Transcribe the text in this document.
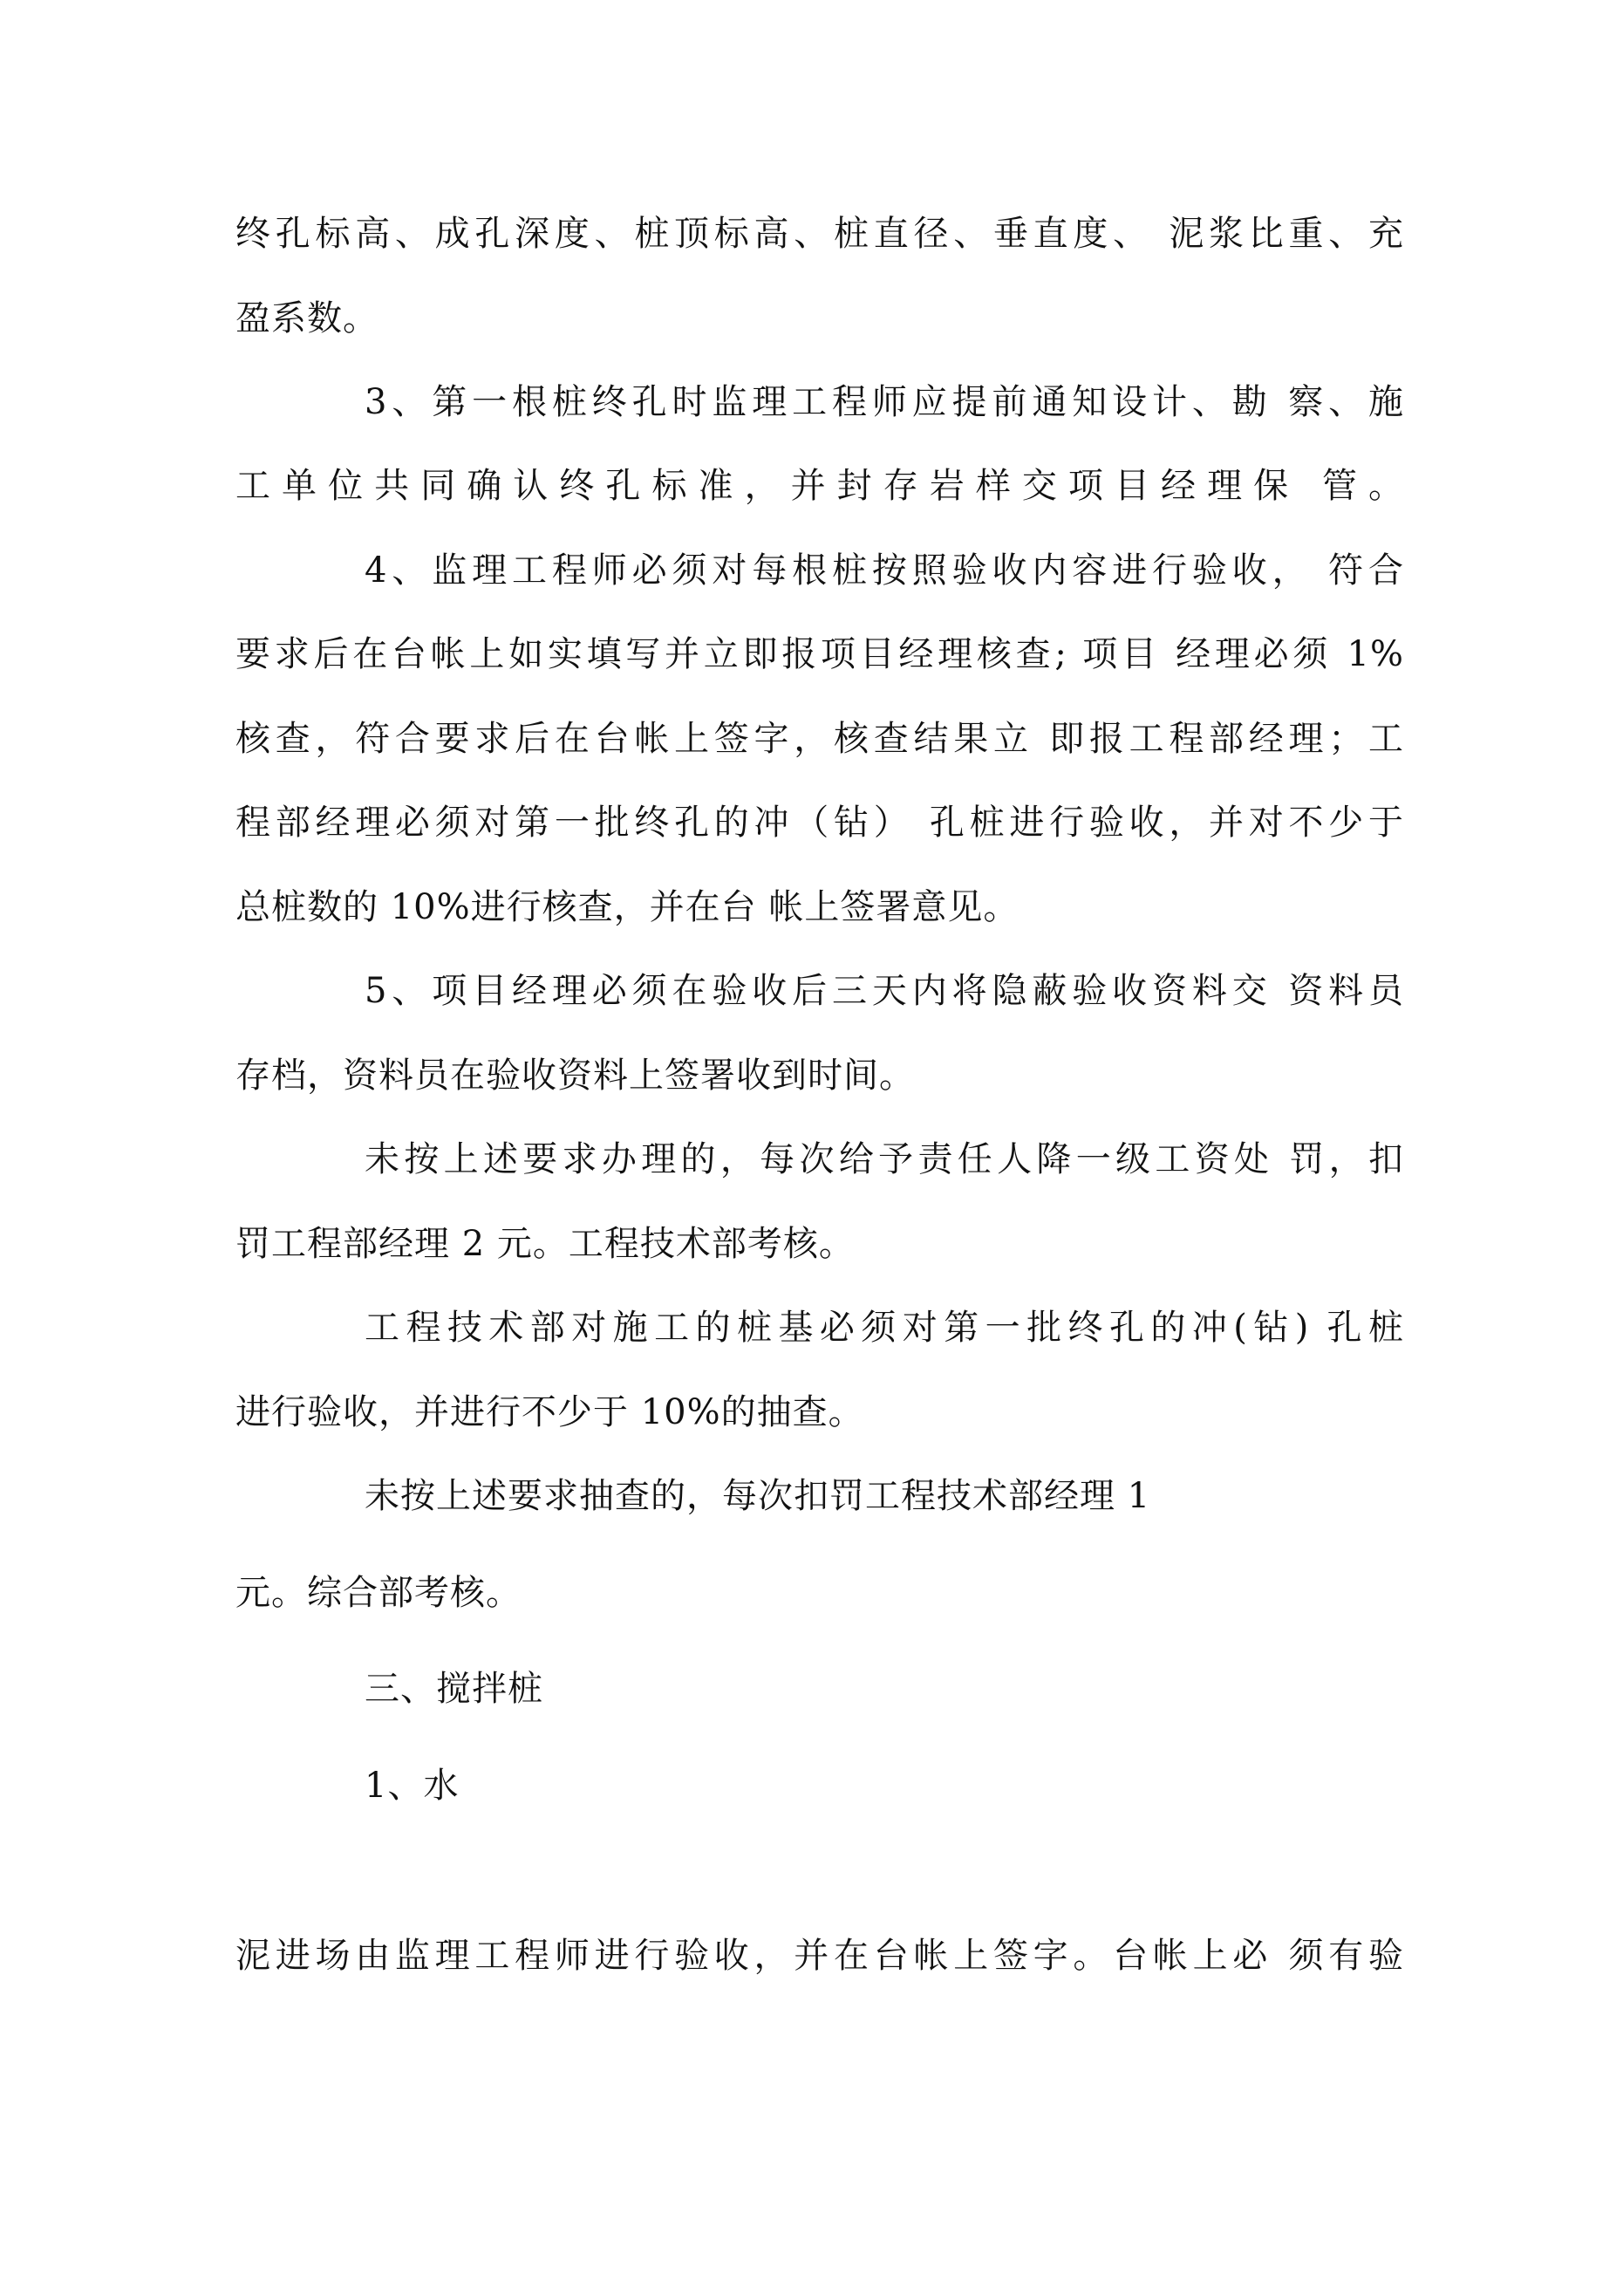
终孔标高、成孔深度、桩顶标高、桩直径、垂直度、 泥浆比重、充
盈系数。
3、第一根桩终孔时监理工程师应提前通知设计、勘 察、施
工单位共同确认终孔标准，并封存岩样交项目经理保 管。
4、监理工程师必须对每根桩按照验收内容进行验收， 符合
要求后在台帐上如实填写并立即报项目经理核查; 项目 经理必须 1%
核查，符合要求后在台帐上签字，核查结果立 即报工程部经理；工
程部经理必须对第一批终孔的冲（钻） 孔桩进行验收，并对不少于
总桩数的 10%进行核查，并在台 帐上签署意见。
5、项目经理必须在验收后三天内将隐蔽验收资料交 资料员
存档，资料员在验收资料上签署收到时间。
未按上述要求办理的，每次给予责任人降一级工资处 罚，扣
罚工程部经理 2 元。工程技术部考核。
工程技术部对施工的桩基必须对第一批终孔的冲(钻) 孔桩
进行验收，并进行不少于 10%的抽查。
未按上述要求抽查的，每次扣罚工程技术部经理 1
元。综合部考核。
三、搅拌桩
1、水
泥进场由监理工程师进行验收，并在台帐上签字。台帐上必 须有验
